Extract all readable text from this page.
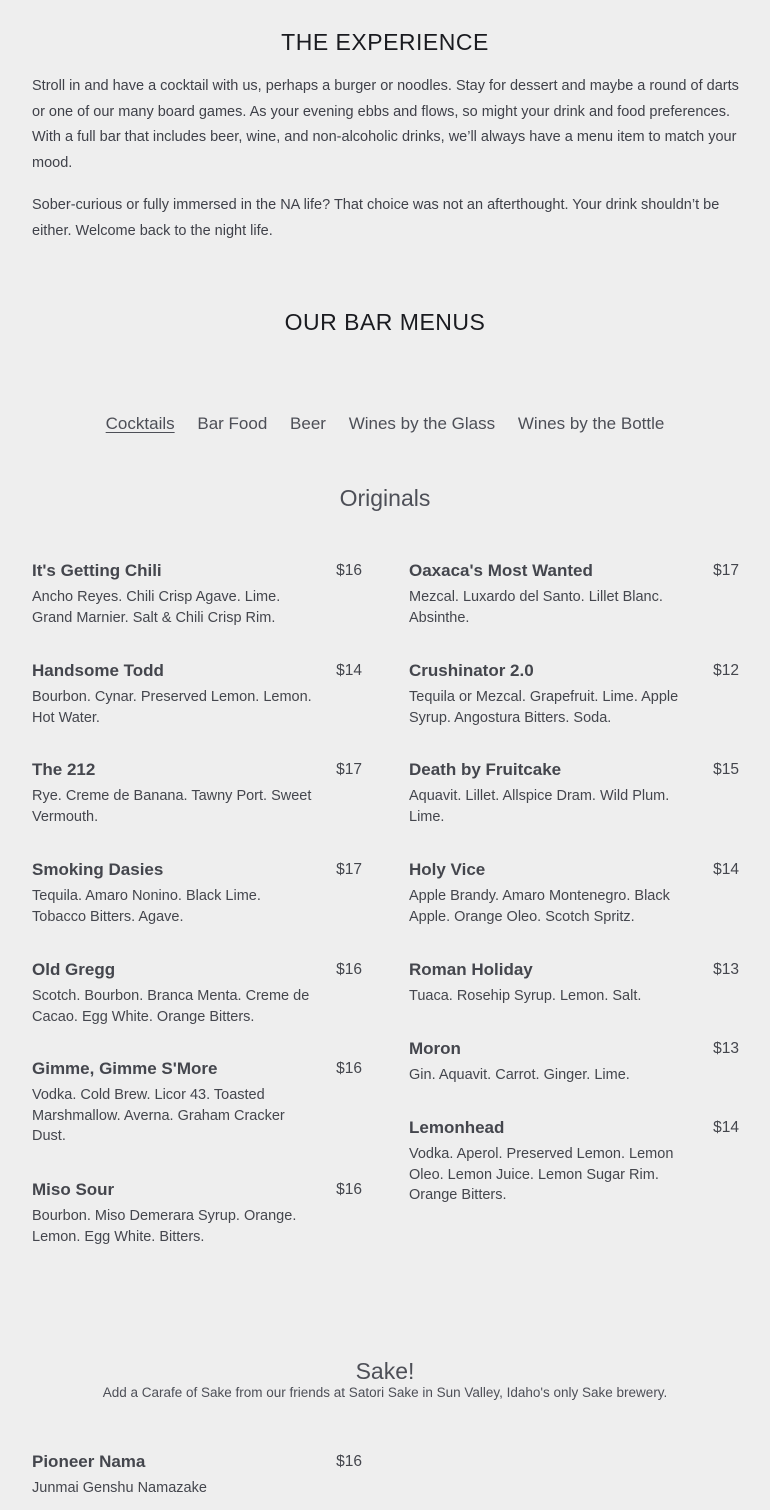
THE EXPERIENCE

Stroll in and have a cocktail with us, perhaps a burger or noodles. Stay for dessert and maybe a round of darts or one of our many board games. As your evening ebbs and flows, so might your drink and food preferences. With a full bar that includes beer, wine, and non-alcoholic drinks, we’ll always have a menu item to match your mood.

Sober-curious or fully immersed in the NA life? That choice was not an afterthought. Your drink shouldn’t be either. Welcome back to the night life.

OUR BAR MENUS
Cocktails Bar Food Beer Wines by the Glass Wines by the Bottle
Originals
It's Getting Chili	$16
Ancho Reyes. Chili Crisp Agave. Lime. Grand Marnier. Salt & Chili Crisp Rim.
Handsome Todd	$14
Bourbon. Cynar. Preserved Lemon. Lemon. Hot Water.
The 212	$17
Rye. Creme de Banana. Tawny Port. Sweet Vermouth.
Smoking Dasies	$17
Tequila. Amaro Nonino. Black Lime. Tobacco Bitters. Agave.
Old Gregg	$16
Scotch. Bourbon. Branca Menta. Creme de Cacao. Egg White. Orange Bitters.
Gimme, Gimme S'More	$16
Vodka. Cold Brew. Licor 43. Toasted Marshmallow. Averna. Graham Cracker Dust.
Miso Sour	$16
Bourbon. Miso Demerara Syrup. Orange. Lemon. Egg White. Bitters.
Oaxaca's Most Wanted	$17
Mezcal. Luxardo del Santo. Lillet Blanc. Absinthe.
Crushinator 2.0	$12
Tequila or Mezcal. Grapefruit. Lime. Apple Syrup. Angostura Bitters. Soda.
Death by Fruitcake	$15
Aquavit. Lillet. Allspice Dram. Wild Plum. Lime.
Holy Vice	$14
Apple Brandy. Amaro Montenegro. Black Apple. Orange Oleo. Scotch Spritz.
Roman Holiday	$13
Tuaca. Rosehip Syrup. Lemon. Salt.
Moron	$13
Gin. Aquavit. Carrot. Ginger. Lime.
Lemonhead	$14
Vodka. Aperol. Preserved Lemon. Lemon Oleo. Lemon Juice. Lemon Sugar Rim. Orange Bitters.
Sake!
Add a Carafe of Sake from our friends at Satori Sake in Sun Valley, Idaho's only Sake brewery.
Pioneer Nama	$16
Junmai Genshu Namazake
